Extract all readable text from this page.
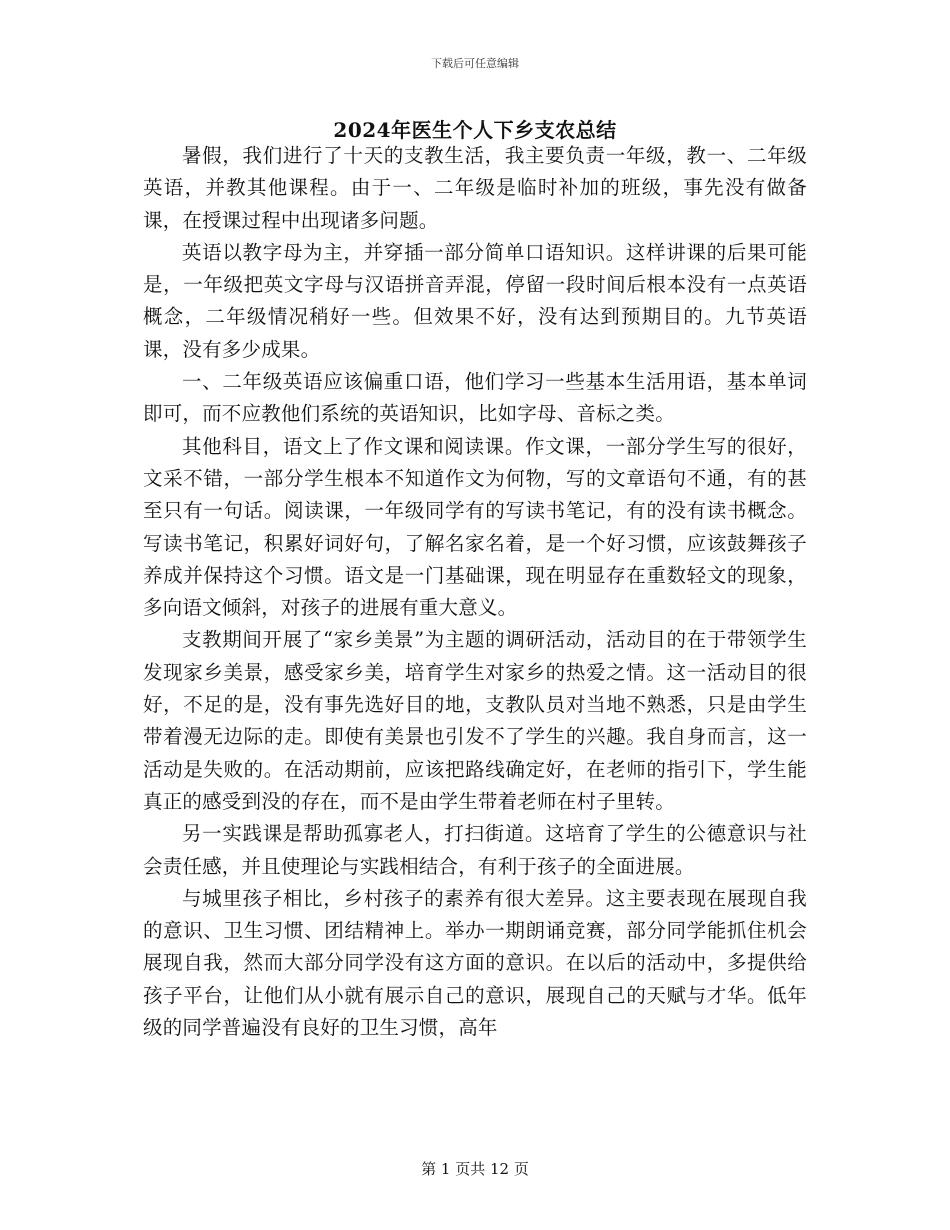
下载后可任意编辑
2024年医生个人下乡支农总结

暑假，我们进行了十天的支教生活，我主要负责一年级，教一、二年级英语，并教其他课程。由于一、二年级是临时补加的班级，事先没有做备课，在授课过程中出现诸多问题。

英语以教字母为主，并穿插一部分简单口语知识。这样讲课的后果可能是，一年级把英文字母与汉语拼音弄混，停留一段时间后根本没有一点英语概念，二年级情况稍好一些。但效果不好，没有达到预期目的。九节英语课，没有多少成果。

一、二年级英语应该偏重口语，他们学习一些基本生活用语，基本单词即可，而不应教他们系统的英语知识，比如字母、音标之类。

其他科目，语文上了作文课和阅读课。作文课，一部分学生写的很好，文采不错，一部分学生根本不知道作文为何物，写的文章语句不通，有的甚至只有一句话。阅读课，一年级同学有的写读书笔记，有的没有读书概念。写读书笔记，积累好词好句，了解名家名着，是一个好习惯，应该鼓舞孩子养成并保持这个习惯。语文是一门基础课，现在明显存在重数轻文的现象，多向语文倾斜，对孩子的进展有重大意义。

支教期间开展了“家乡美景”为主题的调研活动，活动目的在于带领学生发现家乡美景，感受家乡美，培育学生对家乡的热爱之情。这一活动目的很好，不足的是，没有事先选好目的地，支教队员对当地不熟悉，只是由学生带着漫无边际的走。即使有美景也引发不了学生的兴趣。我自身而言，这一活动是失败的。在活动期前，应该把路线确定好，在老师的指引下，学生能真正的感受到没的存在，而不是由学生带着老师在村子里转。

另一实践课是帮助孤寡老人，打扫街道。这培育了学生的公德意识与社会责任感，并且使理论与实践相结合，有利于孩子的全面进展。

与城里孩子相比，乡村孩子的素养有很大差异。这主要表现在展现自我的意识、卫生习惯、团结精神上。举办一期朗诵竞赛，部分同学能抓住机会展现自我，然而大部分同学没有这方面的意识。在以后的活动中，多提供给孩子平台，让他们从小就有展示自己的意识，展现自己的天赋与才华。低年级的同学普遍没有良好的卫生习惯，高年

第 1 页共 12 页
